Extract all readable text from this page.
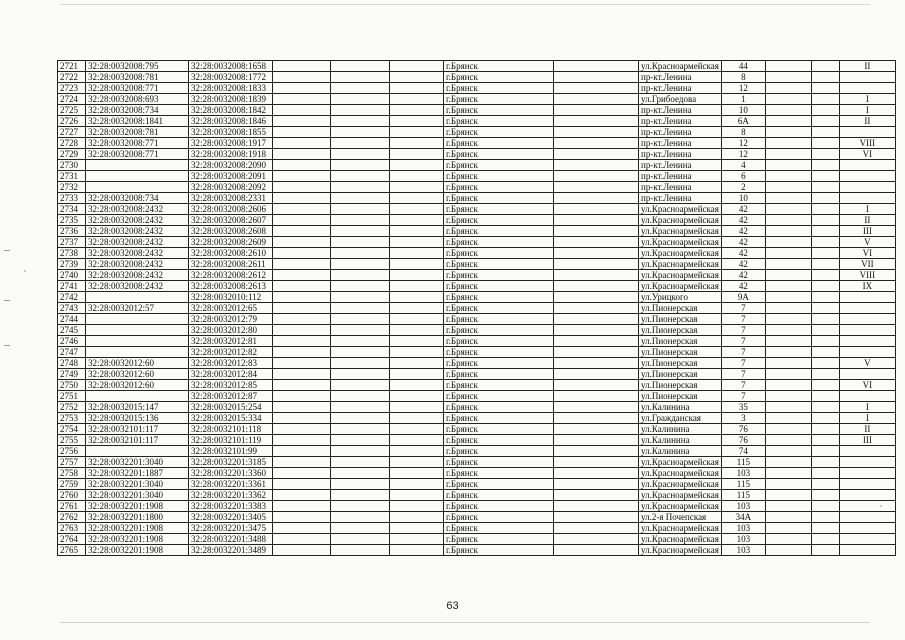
2721	32:28:0032008:795	32:28:0032008:1658				г.Брянск		ул.Красноармейская	44			II
2722	32:28:0032008:781	32:28:0032008:1772				г.Брянск		пр-кт.Ленина	8			
2723	32:28:0032008:771	32:28:0032008:1833				г.Брянск		пр-кт.Ленина	12			
2724	32:28:0032008:693	32:28:0032008:1839				г.Брянск		ул.Грибоедова	1			I
2725	32:28:0032008:734	32:28:0032008:1842				г.Брянск		пр-кт.Ленина	10			I
2726	32:28:0032008:1841	32:28:0032008:1846				г.Брянск		пр-кт.Ленина	6А			II
2727	32:28:0032008:781	32:28:0032008:1855				г.Брянск		пр-кт.Ленина	8			
2728	32:28:0032008:771	32:28:0032008:1917				г.Брянск		пр-кт.Ленина	12			VIII
2729	32:28:0032008:771	32:28:0032008:1918				г.Брянск		пр-кт.Ленина	12			VI
2730		32:28:0032008:2090				г.Брянск		пр-кт.Ленина	4			
2731		32:28:0032008:2091				г.Брянск		пр-кт.Ленина	6			
2732		32:28:0032008:2092				г.Брянск		пр-кт.Ленина	2			
2733	32:28:0032008:734	32:28:0032008:2331				г.Брянск		пр-кт.Ленина	10			
2734	32:28:0032008:2432	32:28:0032008:2606				г.Брянск		ул.Красноармейская	42			I
2735	32:28:0032008:2432	32:28:0032008:2607				г.Брянск		ул.Красноармейская	42			II
2736	32:28:0032008:2432	32:28:0032008:2608				г.Брянск		ул.Красноармейская	42			III
2737	32:28:0032008:2432	32:28:0032008:2609				г.Брянск		ул.Красноармейская	42			V
2738	32:28:0032008:2432	32:28:0032008:2610				г.Брянск		ул.Красноармейская	42			VI
2739	32:28:0032008:2432	32:28:0032008:2611				г.Брянск		ул.Красноармейская	42			VII
2740	32:28:0032008:2432	32:28:0032008:2612				г.Брянск		ул.Красноармейская	42			VIII
2741	32:28:0032008:2432	32:28:0032008:2613				г.Брянск		ул.Красноармейская	42			IX
2742		32:28:0032010:112				г.Брянск		ул.Урицкого	9А			
2743	32:28:0032012:57	32:28:0032012:65				г.Брянск		ул.Пионерская	7			
2744		32:28:0032012:79				г.Брянск		ул.Пионерская	7			
2745		32:28:0032012:80				г.Брянск		ул.Пионерская	7			
2746		32:28:0032012:81				г.Брянск		ул.Пионерская	7			
2747		32:28:0032012:82				г.Брянск		ул.Пионерская	7			
2748	32:28:0032012:60	32:28:0032012:83				г.Брянск		ул.Пионерская	7			V
2749	32:28:0032012:60	32:28:0032012:84				г.Брянск		ул.Пионерская	7			
2750	32:28:0032012:60	32:28:0032012:85				г.Брянск		ул.Пионерская	7			VI
2751		32:28:0032012:87				г.Брянск		ул.Пионерская	7			
2752	32:28:0032015:147	32:28:0032015:254				г.Брянск		ул.Калинина	35			I
2753	32:28:0032015:136	32:28:0032015:334				г.Брянск		ул.Гражданская	3			I
2754	32:28:0032101:117	32:28:0032101:118				г.Брянск		ул.Калинина	76			II
2755	32:28:0032101:117	32:28:0032101:119				г.Брянск		ул.Калинина	76			III
2756		32:28:0032101:99				г.Брянск		ул.Калинина	74			
2757	32:28:0032201:3040	32:28:0032201:3185				г.Брянск		ул.Красноармейская	115			
2758	32:28:0032201:1887	32:28:0032201:3360				г.Брянск		ул.Красноармейская	103			
2759	32:28:0032201:3040	32:28:0032201:3361				г.Брянск		ул.Красноармейская	115			
2760	32:28:0032201:3040	32:28:0032201:3362				г.Брянск		ул.Красноармейская	115			
2761	32:28:0032201:1908	32:28:0032201:3383				г.Брянск		ул.Красноармейская	103			
2762	32:28:0032201:1800	32:28:0032201:3405				г.Брянск		ул.2-я Почепская	34А			
2763	32:28:0032201:1908	32:28:0032201:3475				г.Брянск		ул.Красноармейская	103			
2764	32:28:0032201:1908	32:28:0032201:3488				г.Брянск		ул.Красноармейская	103			
2765	32:28:0032201:1908	32:28:0032201:3489				г.Брянск		ул.Красноармейская	103			
63
